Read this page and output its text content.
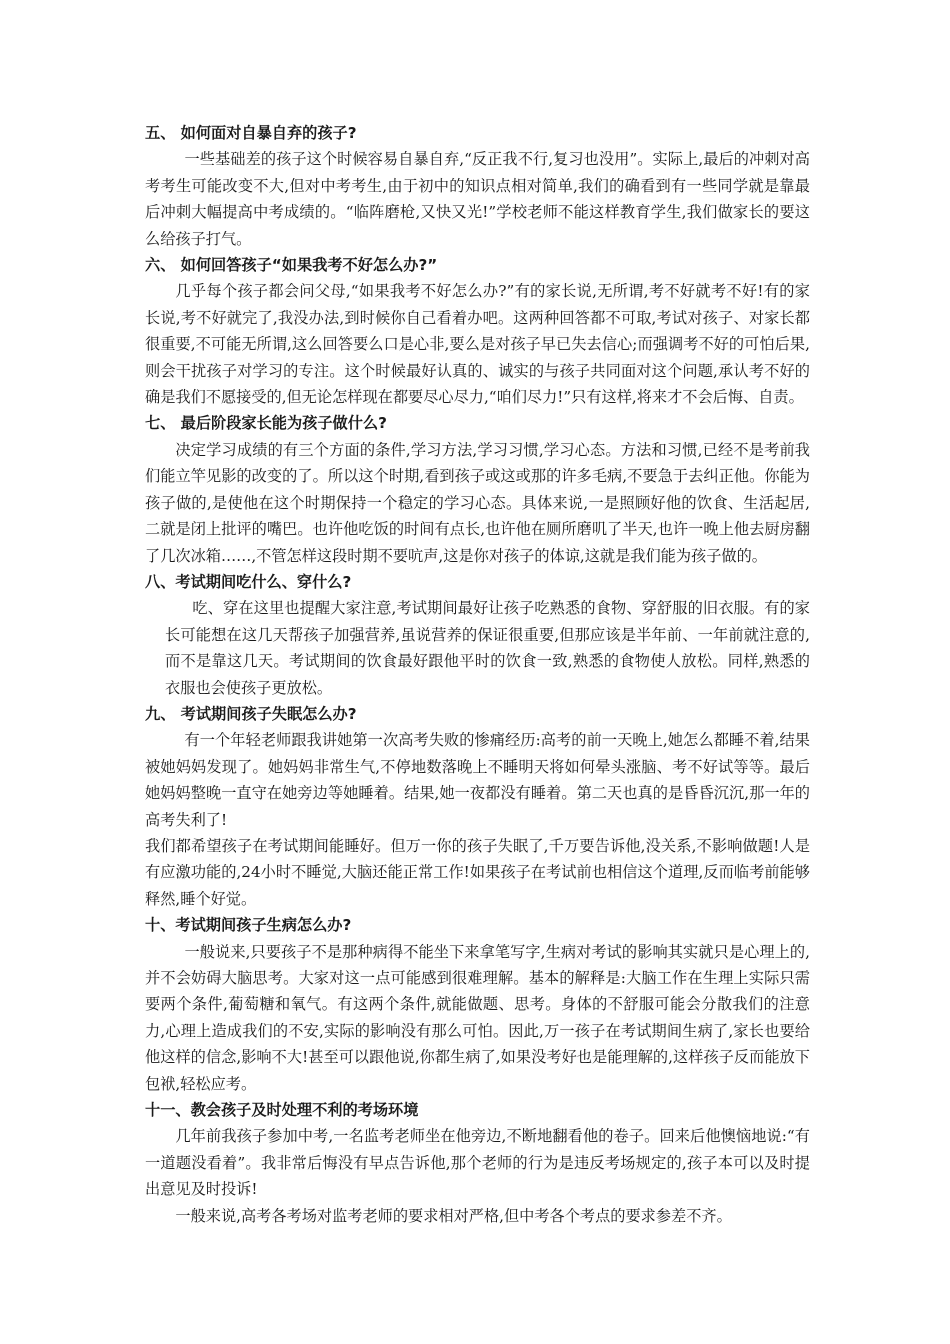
五、 如何面对自暴自弃的孩子?

一些基础差的孩子这个时候容易自暴自弃,“反正我不行,复习也没用”。实际上,最后的冲刺对高考考生可能改变不大,但对中考考生,由于初中的知识点相对简单,我们的确看到有一些同学就是靠最后冲刺大幅提高中考成绩的。“临阵磨枪,又快又光!”学校老师不能这样教育学生,我们做家长的要这么给孩子打气。

六、 如何回答孩子“如果我考不好怎么办?”

几乎每个孩子都会问父母,“如果我考不好怎么办?”有的家长说,无所谓,考不好就考不好!有的家长说,考不好就完了,我没办法,到时候你自己看着办吧。这两种回答都不可取,考试对孩子、对家长都很重要,不可能无所谓,这么回答要么口是心非,要么是对孩子早已失去信心;而强调考不好的可怕后果,则会干扰孩子对学习的专注。这个时候最好认真的、诚实的与孩子共同面对这个问题,承认考不好的确是我们不愿接受的,但无论怎样现在都要尽心尽力,“咱们尽力!”只有这样,将来才不会后悔、自责。

七、 最后阶段家长能为孩子做什么?

决定学习成绩的有三个方面的条件,学习方法,学习习惯,学习心态。方法和习惯,已经不是考前我们能立竿见影的改变的了。所以这个时期,看到孩子或这或那的许多毛病,不要急于去纠正他。你能为孩子做的,是使他在这个时期保持一个稳定的学习心态。具体来说,一是照顾好他的饮食、生活起居,二就是闭上批评的嘴巴。也许他吃饭的时间有点长,也许他在厕所磨叽了半天,也许一晚上他去厨房翻了几次冰箱……,不管怎样这段时期不要吭声,这是你对孩子的体谅,这就是我们能为孩子做的。

八、考试期间吃什么、穿什么?

吃、穿在这里也提醒大家注意,考试期间最好让孩子吃熟悉的食物、穿舒服的旧衣服。有的家长可能想在这几天帮孩子加强营养,虽说营养的保证很重要,但那应该是半年前、一年前就注意的,而不是靠这几天。考试期间的饮食最好跟他平时的饮食一致,熟悉的食物使人放松。同样,熟悉的衣服也会使孩子更放松。

九、 考试期间孩子失眠怎么办?

有一个年轻老师跟我讲她第一次高考失败的惨痛经历:高考的前一天晚上,她怎么都睡不着,结果被她妈妈发现了。她妈妈非常生气,不停地数落晚上不睡明天将如何晕头涨脑、考不好试等等。最后她妈妈整晚一直守在她旁边等她睡着。结果,她一夜都没有睡着。第二天也真的是昏昏沉沉,那一年的高考失利了!

我们都希望孩子在考试期间能睡好。但万一你的孩子失眠了,千万要告诉他,没关系,不影响做题!人是有应激功能的,24小时不睡觉,大脑还能正常工作!如果孩子在考试前也相信这个道理,反而临考前能够释然,睡个好觉。

十、考试期间孩子生病怎么办?

一般说来,只要孩子不是那种病得不能坐下来拿笔写字,生病对考试的影响其实就只是心理上的,并不会妨碍大脑思考。大家对这一点可能感到很难理解。基本的解释是:大脑工作在生理上实际只需要两个条件,葡萄糖和氧气。有这两个条件,就能做题、思考。身体的不舒服可能会分散我们的注意力,心理上造成我们的不安,实际的影响没有那么可怕。因此,万一孩子在考试期间生病了,家长也要给他这样的信念,影响不大!甚至可以跟他说,你都生病了,如果没考好也是能理解的,这样孩子反而能放下包袱,轻松应考。

十一、教会孩子及时处理不利的考场环境

几年前我孩子参加中考,一名监考老师坐在他旁边,不断地翻看他的卷子。回来后他懊恼地说:“有一道题没看着”。我非常后悔没有早点告诉他,那个老师的行为是违反考场规定的,孩子本可以及时提出意见及时投诉!

一般来说,高考各考场对监考老师的要求相对严格,但中考各个考点的要求参差不齐。
